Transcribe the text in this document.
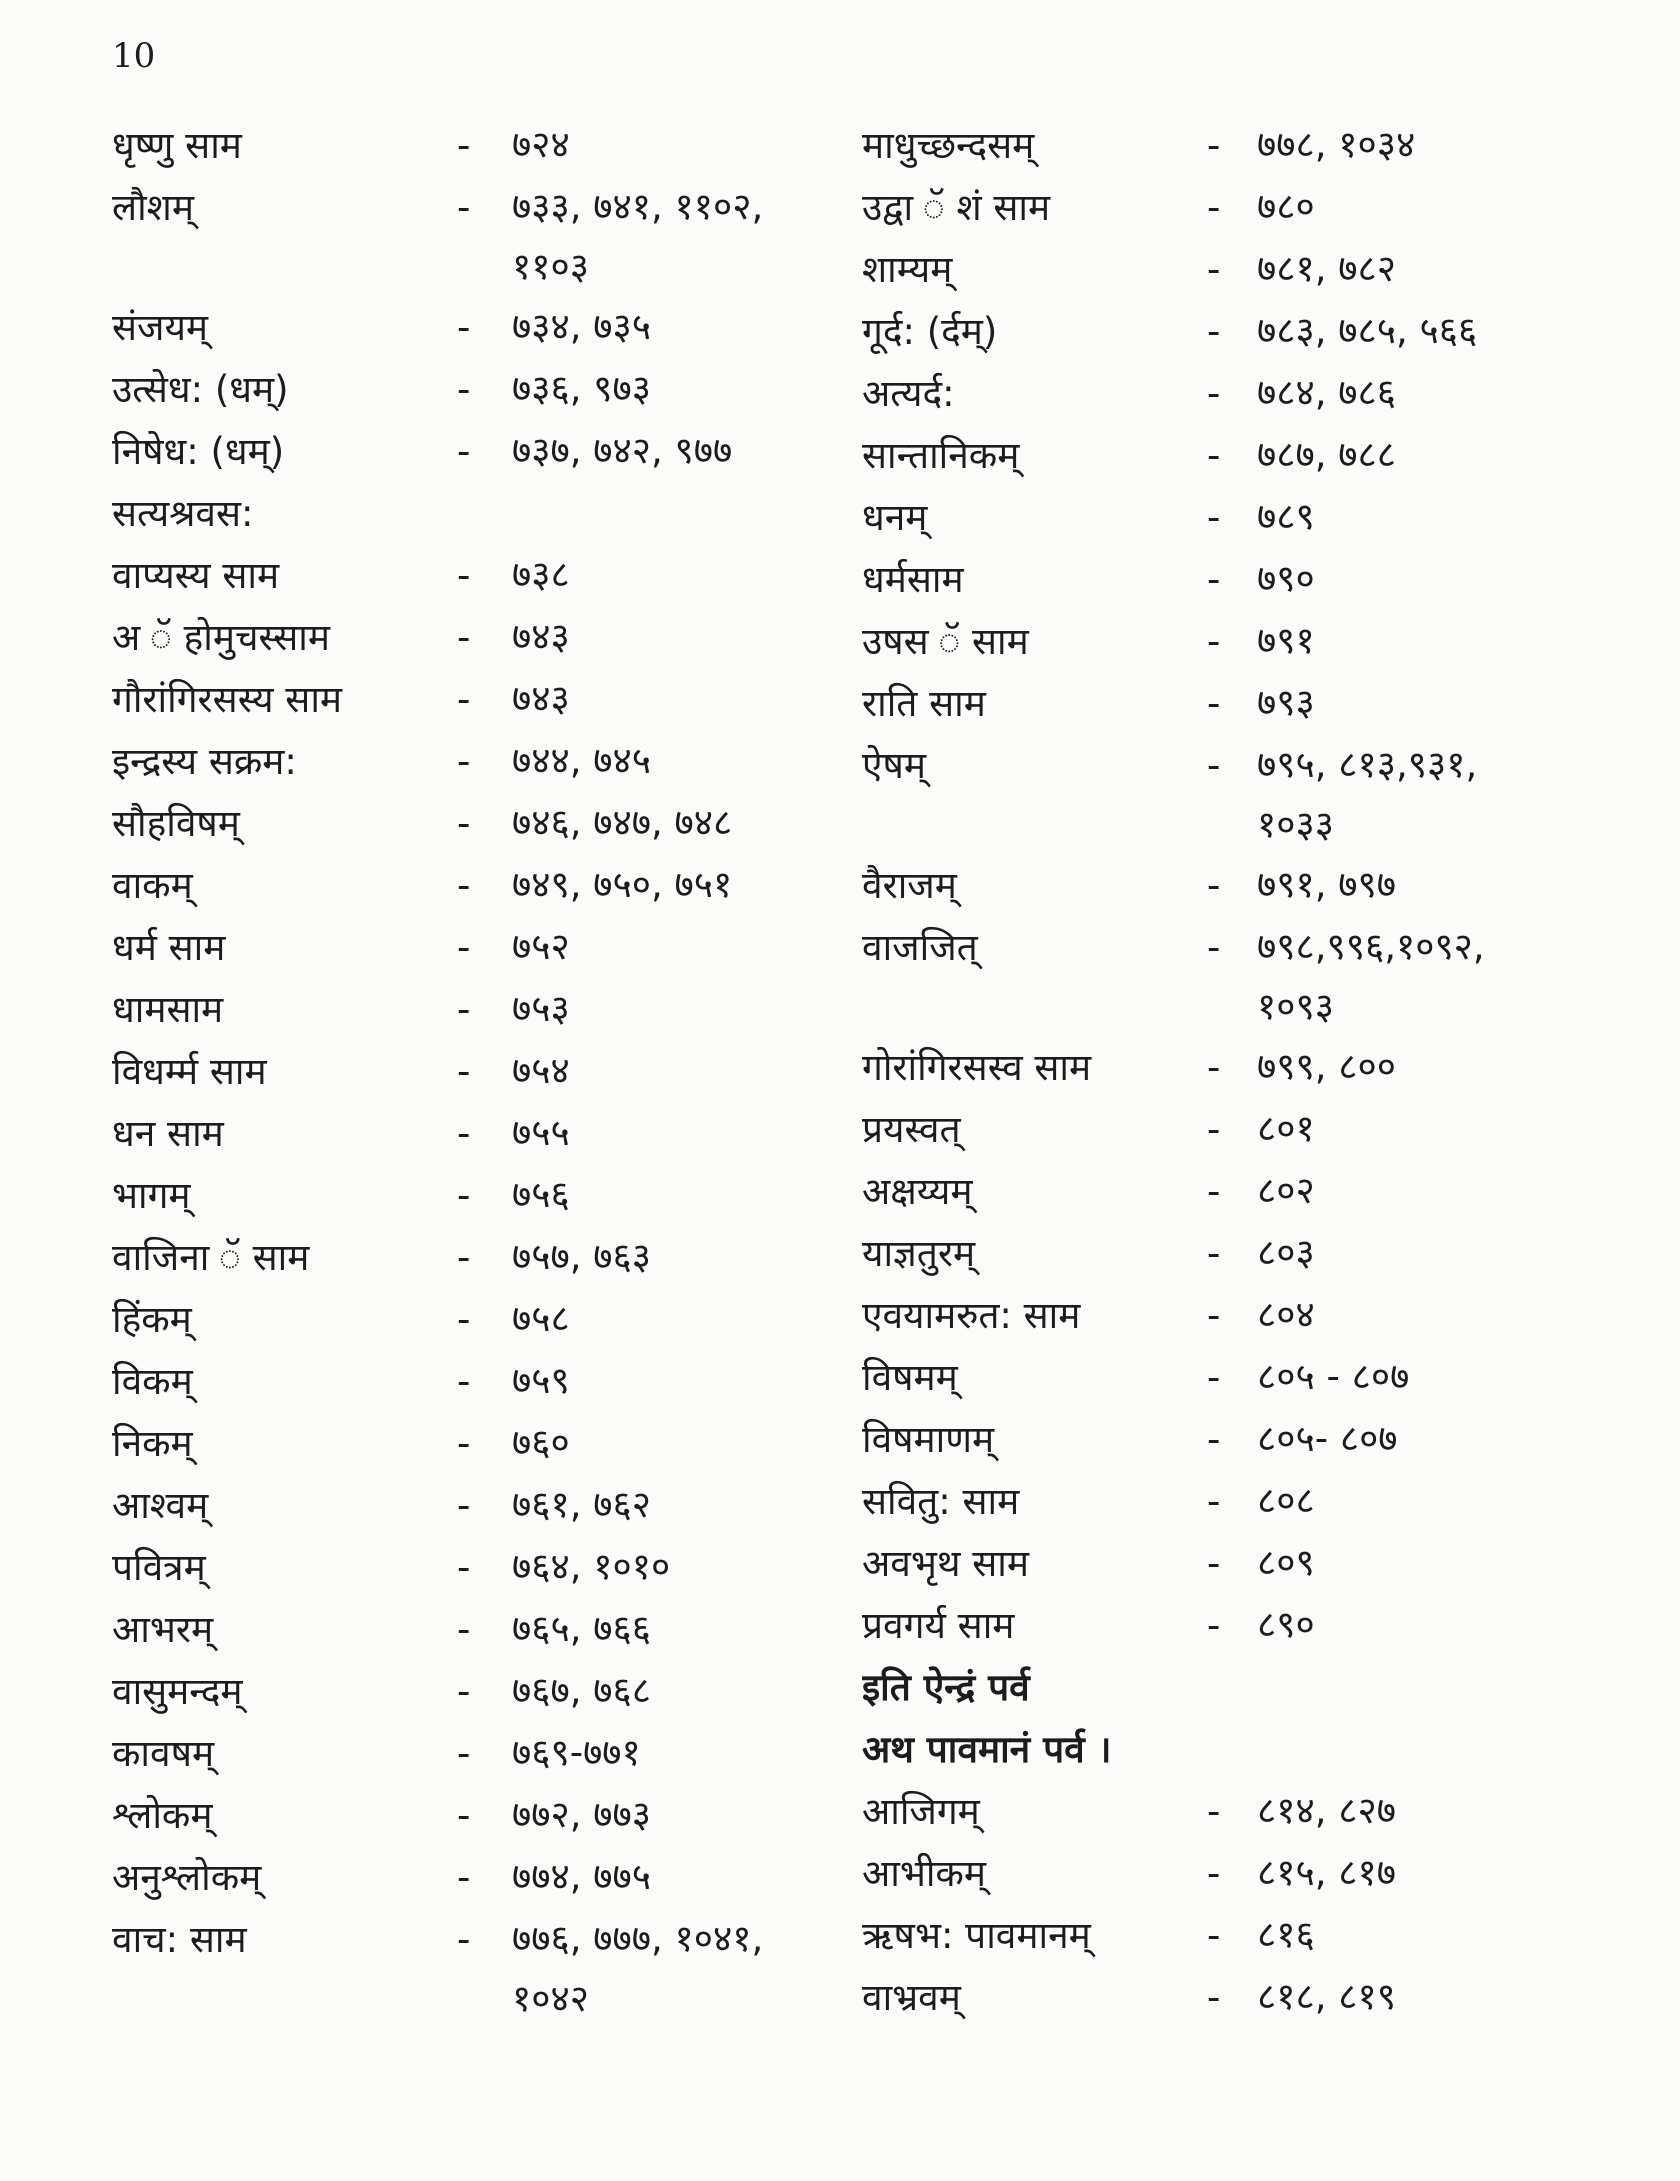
10
धृष्णु साम	-	७२४
लौशम्	-	७३३, ७४१, ११०२,
११०३
संजयम्	-	७३४, ७३५
उत्सेध: (धम्)	-	७३६, ९७३
निषेध: (धम्)	-	७३७, ७४२, ९७७
सत्यश्रवस:
वाप्यस्य साम	-	७३८
अ ॅ होमुचस्साम	-	७४३
गौरांगिरसस्य साम	-	७४३
इन्द्रस्य सक्रम:	-	७४४, ७४५
सौहविषम्	-	७४६, ७४७, ७४८
वाकम्	-	७४९, ७५०, ७५१
धर्म साम	-	७५२
धामसाम	-	७५३
विधर्म्म साम	-	७५४
धन साम	-	७५५
भागम्	-	७५६
वाजिना ॅ साम	-	७५७, ७६३
हिंकम्	-	७५८
विकम्	-	७५९
निकम्	-	७६०
आश्वम्	-	७६१, ७६२
पवित्रम्	-	७६४, १०१०
आभरम्	-	७६५, ७६६
वासुमन्दम्	-	७६७, ७६८
कावषम्	-	७६९-७७१
श्लोकम्	-	७७२, ७७३
अनुश्लोकम्	-	७७४, ७७५
वाच: साम	-	७७६, ७७७, १०४१,
१०४२
माधुच्छन्दसम्	- ७७८, १०३४
उद्वा ॅ शं साम	- ७८०
शाम्यम्	- ७८१, ७८२
गूर्द: (र्दम्)	- ७८३, ७८५, ५६६
अत्यर्द:	- ७८४, ७८६
सान्तानिकम्	- ७८७, ७८८
धनम्	- ७८९
धर्मसाम	- ७९०
उषस ॅ साम	- ७९१
राति साम	- ७९३
ऐषम्	- ७९५, ८१३,९३१,
१०३३
वैराजम्	- ७९१, ७९७
वाजजित्	- ७९८,९९६,१०९२,
१०९३
गोरांगिरसस्व साम	- ७९९, ८००
प्रयस्वत्	- ८०१
अक्षय्यम्	- ८०२
याज्ञतुरम्	- ८०३
एवयामरुत: साम	- ८०४
विषमम्	- ८०५ - ८०७
विषमाणम्	- ८०५- ८०७
सवितु: साम	- ८०८
अवभृथ साम	- ८०९
प्रवगर्य साम	- ८९०
इति ऐन्द्रं पर्व
अथ पावमानं पर्व ।
आजिगम्	- ८१४, ८२७
आभीकम्	- ८१५, ८१७
ऋषभ: पावमानम्	- ८१६
वाभ्रवम्	- ८१८, ८१९
